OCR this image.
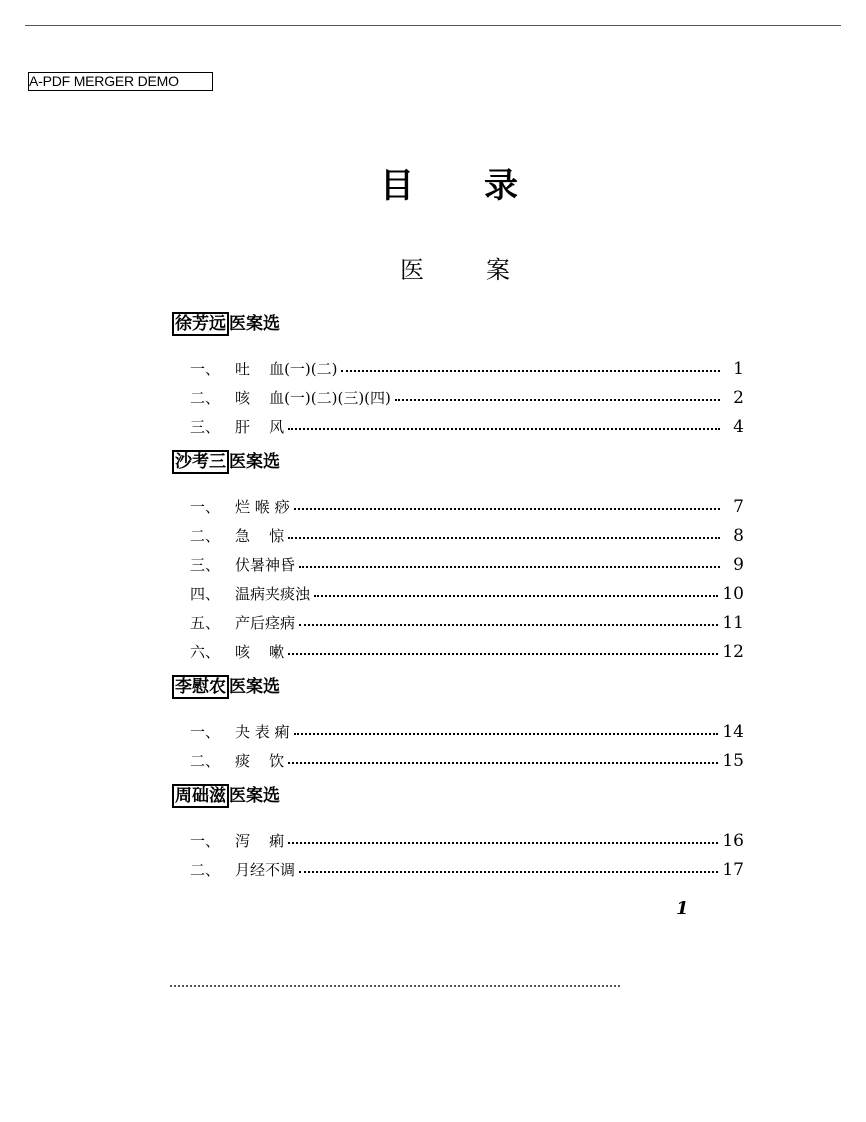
A-PDF MERGER DEMO
目录
医案
徐芳远 医案选
一、 吐    血(一)(二)	1
二、 咳    血(一)(二)(三)(四)	2
三、 肝    风	4
沙考三 医案选
一、 烂 喉 痧	7
二、 急    惊	8
三、 伏暑神昏	9
四、 温病夹痰浊	10
五、 产后痉病	11
六、 咳    嗽	12
李慰农 医案选
一、 夬 表 痢	14
二、 痰    饮	15
周础滋 医案选
一、 泻    痢	16
二、 月经不调	17
1
